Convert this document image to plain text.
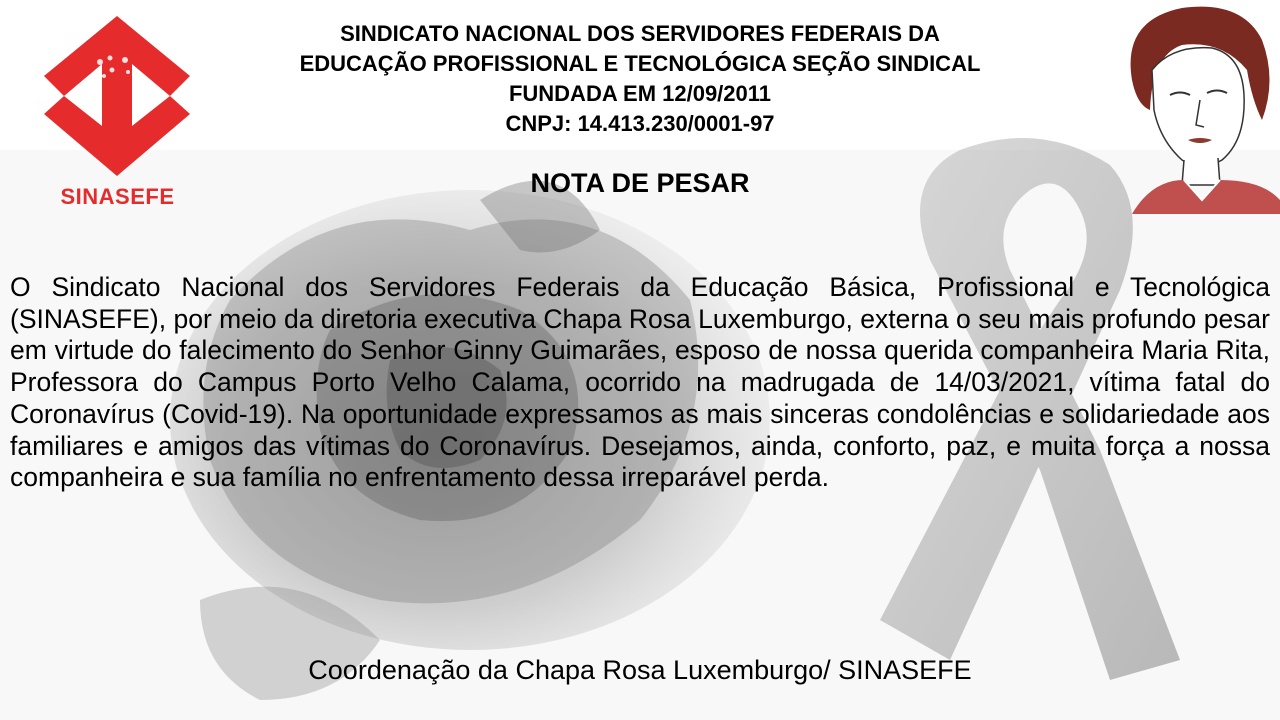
SINASEFE
SINDICATO NACIONAL DOS SERVIDORES FEDERAIS DA
EDUCAÇÃO PROFISSIONAL E TECNOLÓGICA SEÇÃO SINDICAL
FUNDADA EM 12/09/2011
CNPJ: 14.413.230/0001-97
NOTA DE PESAR
O Sindicato Nacional dos Servidores Federais da Educação Básica, Profissional e Tecnológica (SINASEFE), por meio da diretoria executiva Chapa Rosa Luxemburgo, externa o seu mais profundo pesar em virtude do falecimento do Senhor Ginny Guimarães, esposo de nossa querida companheira Maria Rita, Professora do Campus Porto Velho Calama, ocorrido na madrugada de 14/03/2021, vítima fatal do Coronavírus (Covid-19). Na oportunidade expressamos as mais sinceras condolências e solidariedade aos familiares e amigos das vítimas do Coronavírus. Desejamos, ainda, conforto, paz, e muita força a nossa companheira e sua família no enfrentamento dessa irreparável perda.
Coordenação da Chapa Rosa Luxemburgo/ SINASEFE
